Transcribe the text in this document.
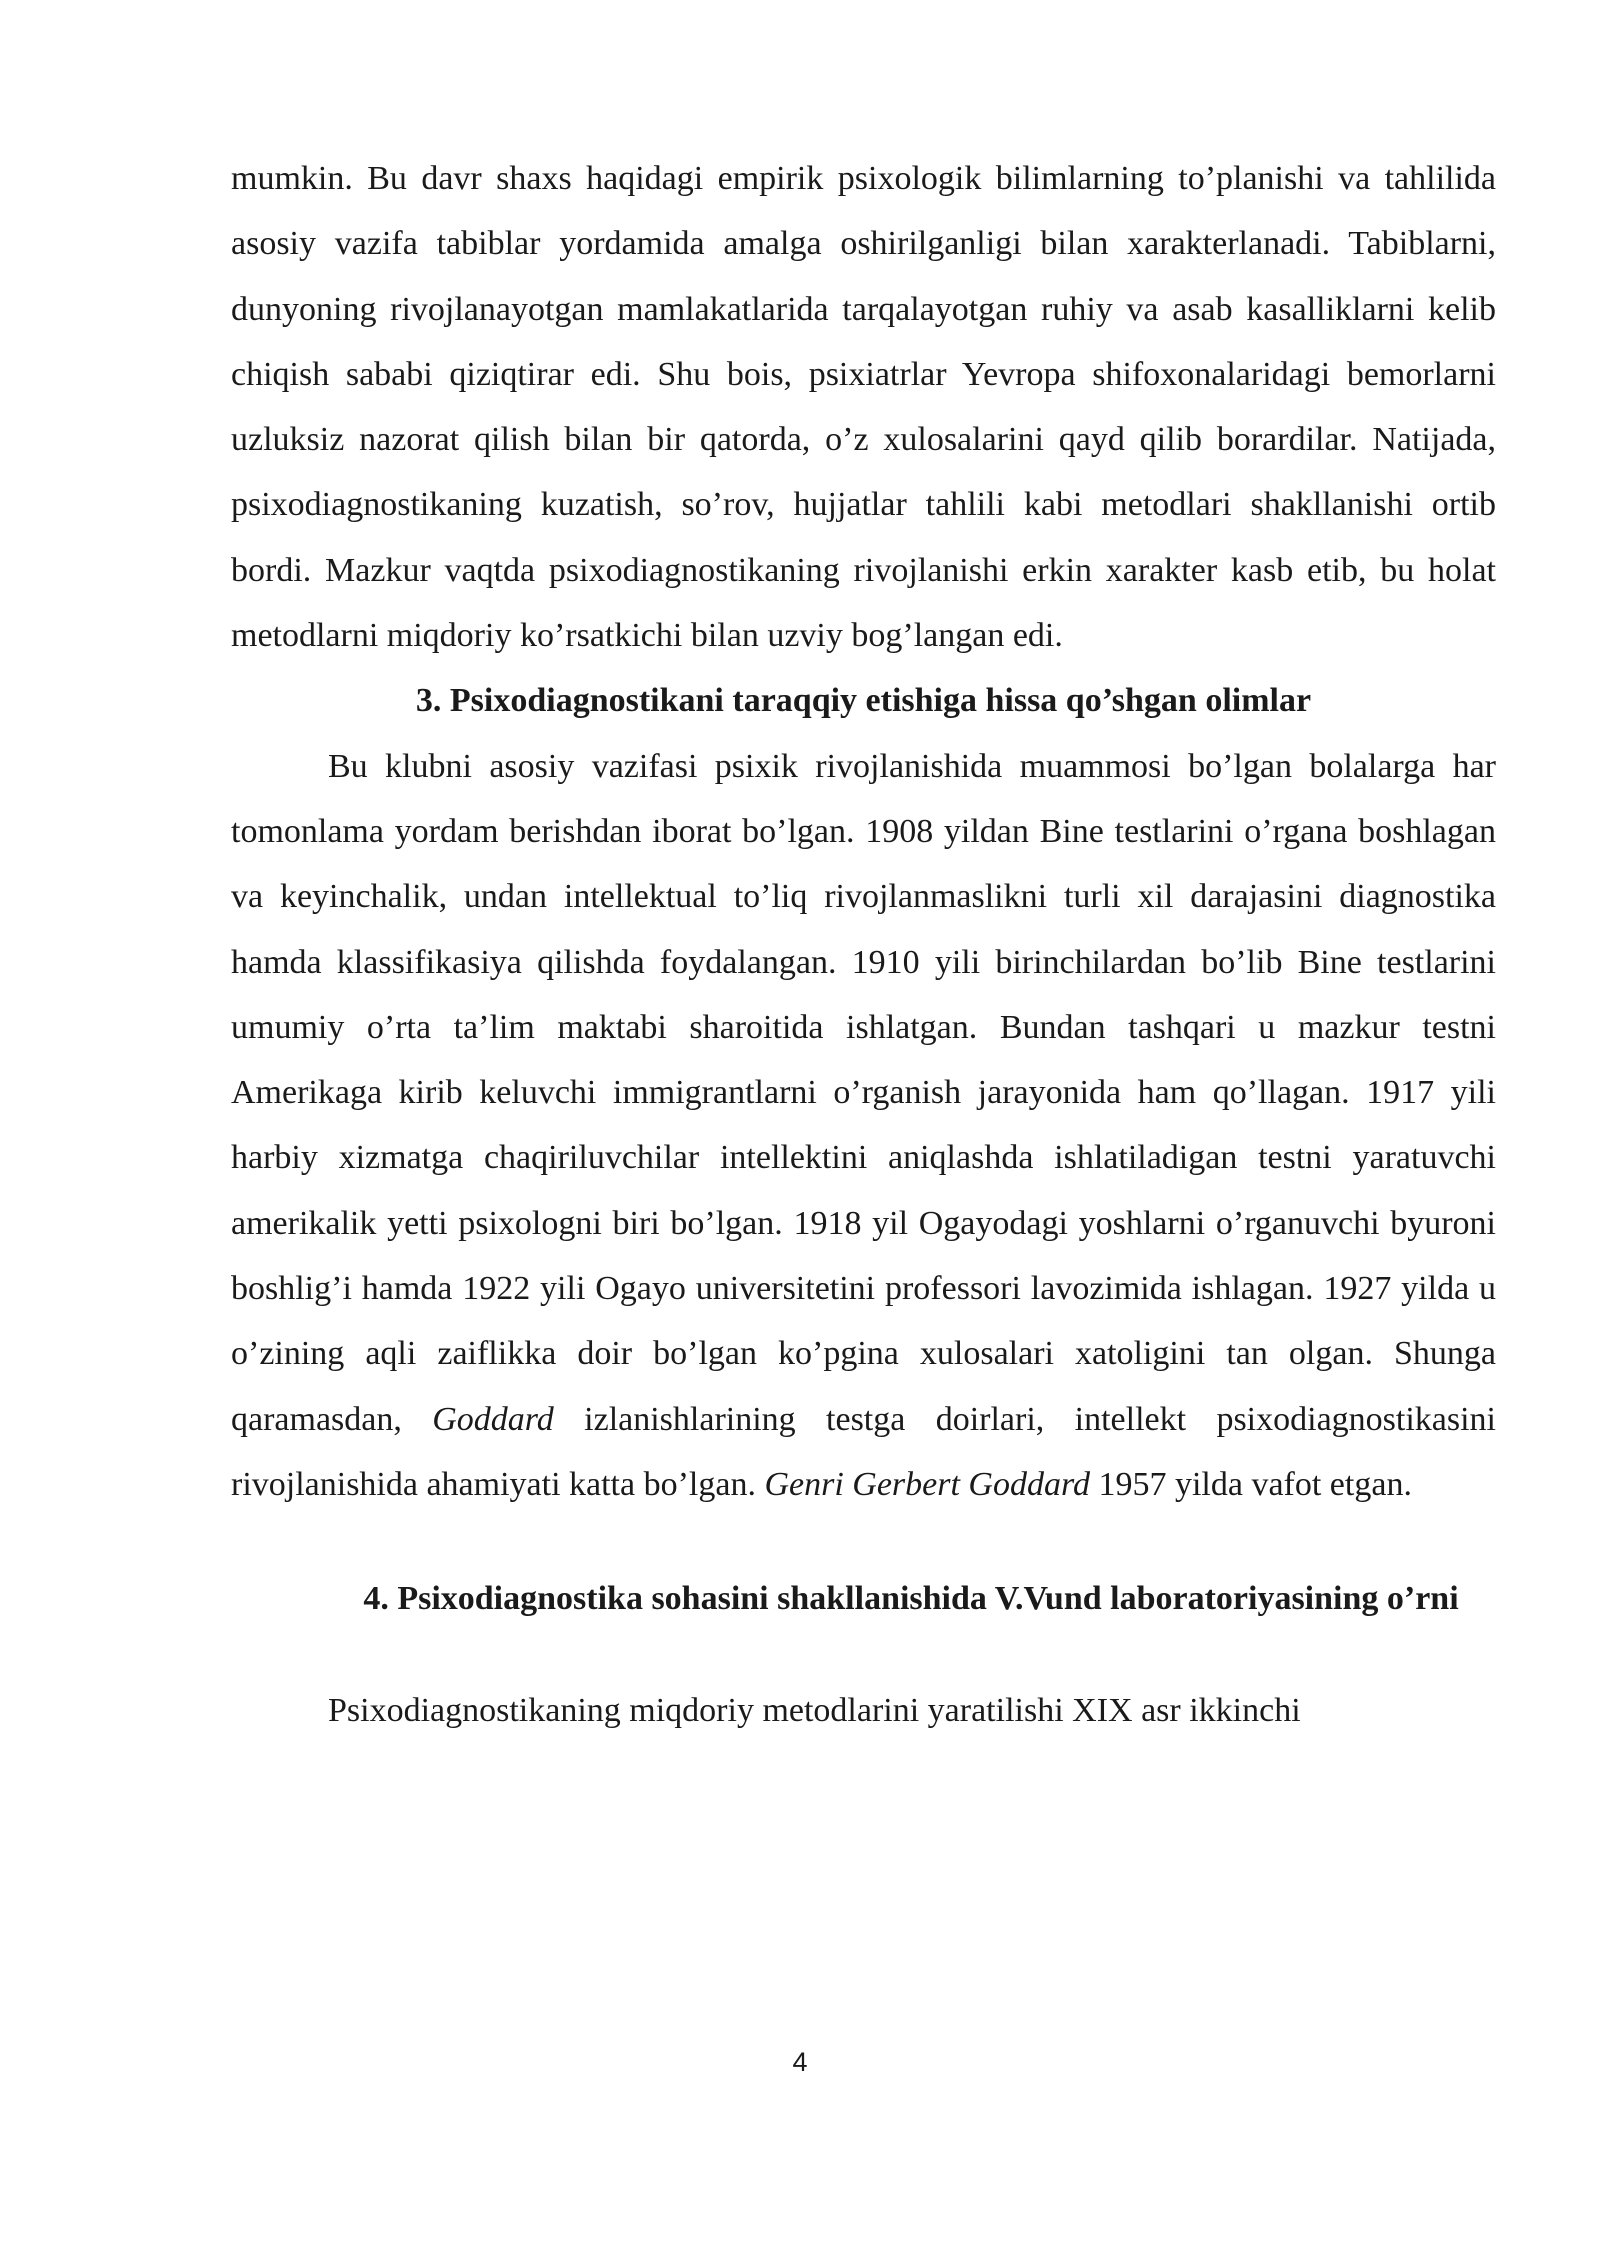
mumkin. Bu davr shaxs haqidagi empirik psixologik bilimlarning to’planishi va tahlilida asosiy vazifa tabiblar yordamida amalga oshirilganligi bilan xarakterlanadi. Tabiblarni, dunyoning rivojlanayotgan mamlakatlarida tarqalayotgan ruhiy va asab kasalliklarni kelib chiqish sababi qiziqtirar edi. Shu bois, psixiatrlar Yevropa shifoxonalaridagi bemorlarni uzluksiz nazorat qilish bilan bir qatorda, o’z xulosalarini qayd qilib borardilar. Natijada, psixodiagnostikaning kuzatish, so’rov, hujjatlar tahlili kabi metodlari shakllanishi ortib bordi. Mazkur vaqtda psixodiagnostikaning rivojlanishi erkin xarakter kasb etib, bu holat metodlarni miqdoriy ko’rsatkichi bilan uzviy bog’langan edi.

3. Psixodiagnostikani taraqqiy etishiga hissa qo’shgan olimlar

Bu klubni asosiy vazifasi psixik rivojlanishida muammosi bo’lgan bolalarga har tomonlama yordam berishdan iborat bo’lgan. 1908 yildan Bine testlarini o’rgana boshlagan va keyinchalik, undan intellektual to’liq rivojlanmaslikni turli xil darajasini diagnostika hamda klassifikasiya qilishda foydalangan. 1910 yili birinchilardan bo’lib Bine testlarini umumiy o’rta ta’lim maktabi sharoitida ishlatgan. Bundan tashqari u mazkur testni Amerikaga kirib keluvchi immigrantlarni o’rganish jarayonida ham qo’llagan. 1917 yili harbiy xizmatga chaqiriluvchilar intellektini aniqlashda ishlatiladigan testni yaratuvchi amerikalik yetti psixologni biri bo’lgan. 1918 yil Ogayodagi yoshlarni o’rganuvchi byuroni boshlig’i hamda 1922 yili Ogayo universitetini professori lavozimida ishlagan. 1927 yilda u o’zining aqli zaiflikka doir bo’lgan ko’pgina xulosalari xatoligini tan olgan. Shunga qaramasdan, Goddard izlanishlarining testga doirlari, intellekt psixodiagnostikasini rivojlanishida ahamiyati katta bo’lgan. Genri Gerbert Goddard 1957 yilda vafot etgan.

4. Psixodiagnostika sohasini shakllanishida V.Vund laboratoriyasining o’rni

Psixodiagnostikaning miqdoriy metodlarini yaratilishi XIX asr ikkinchi

4
